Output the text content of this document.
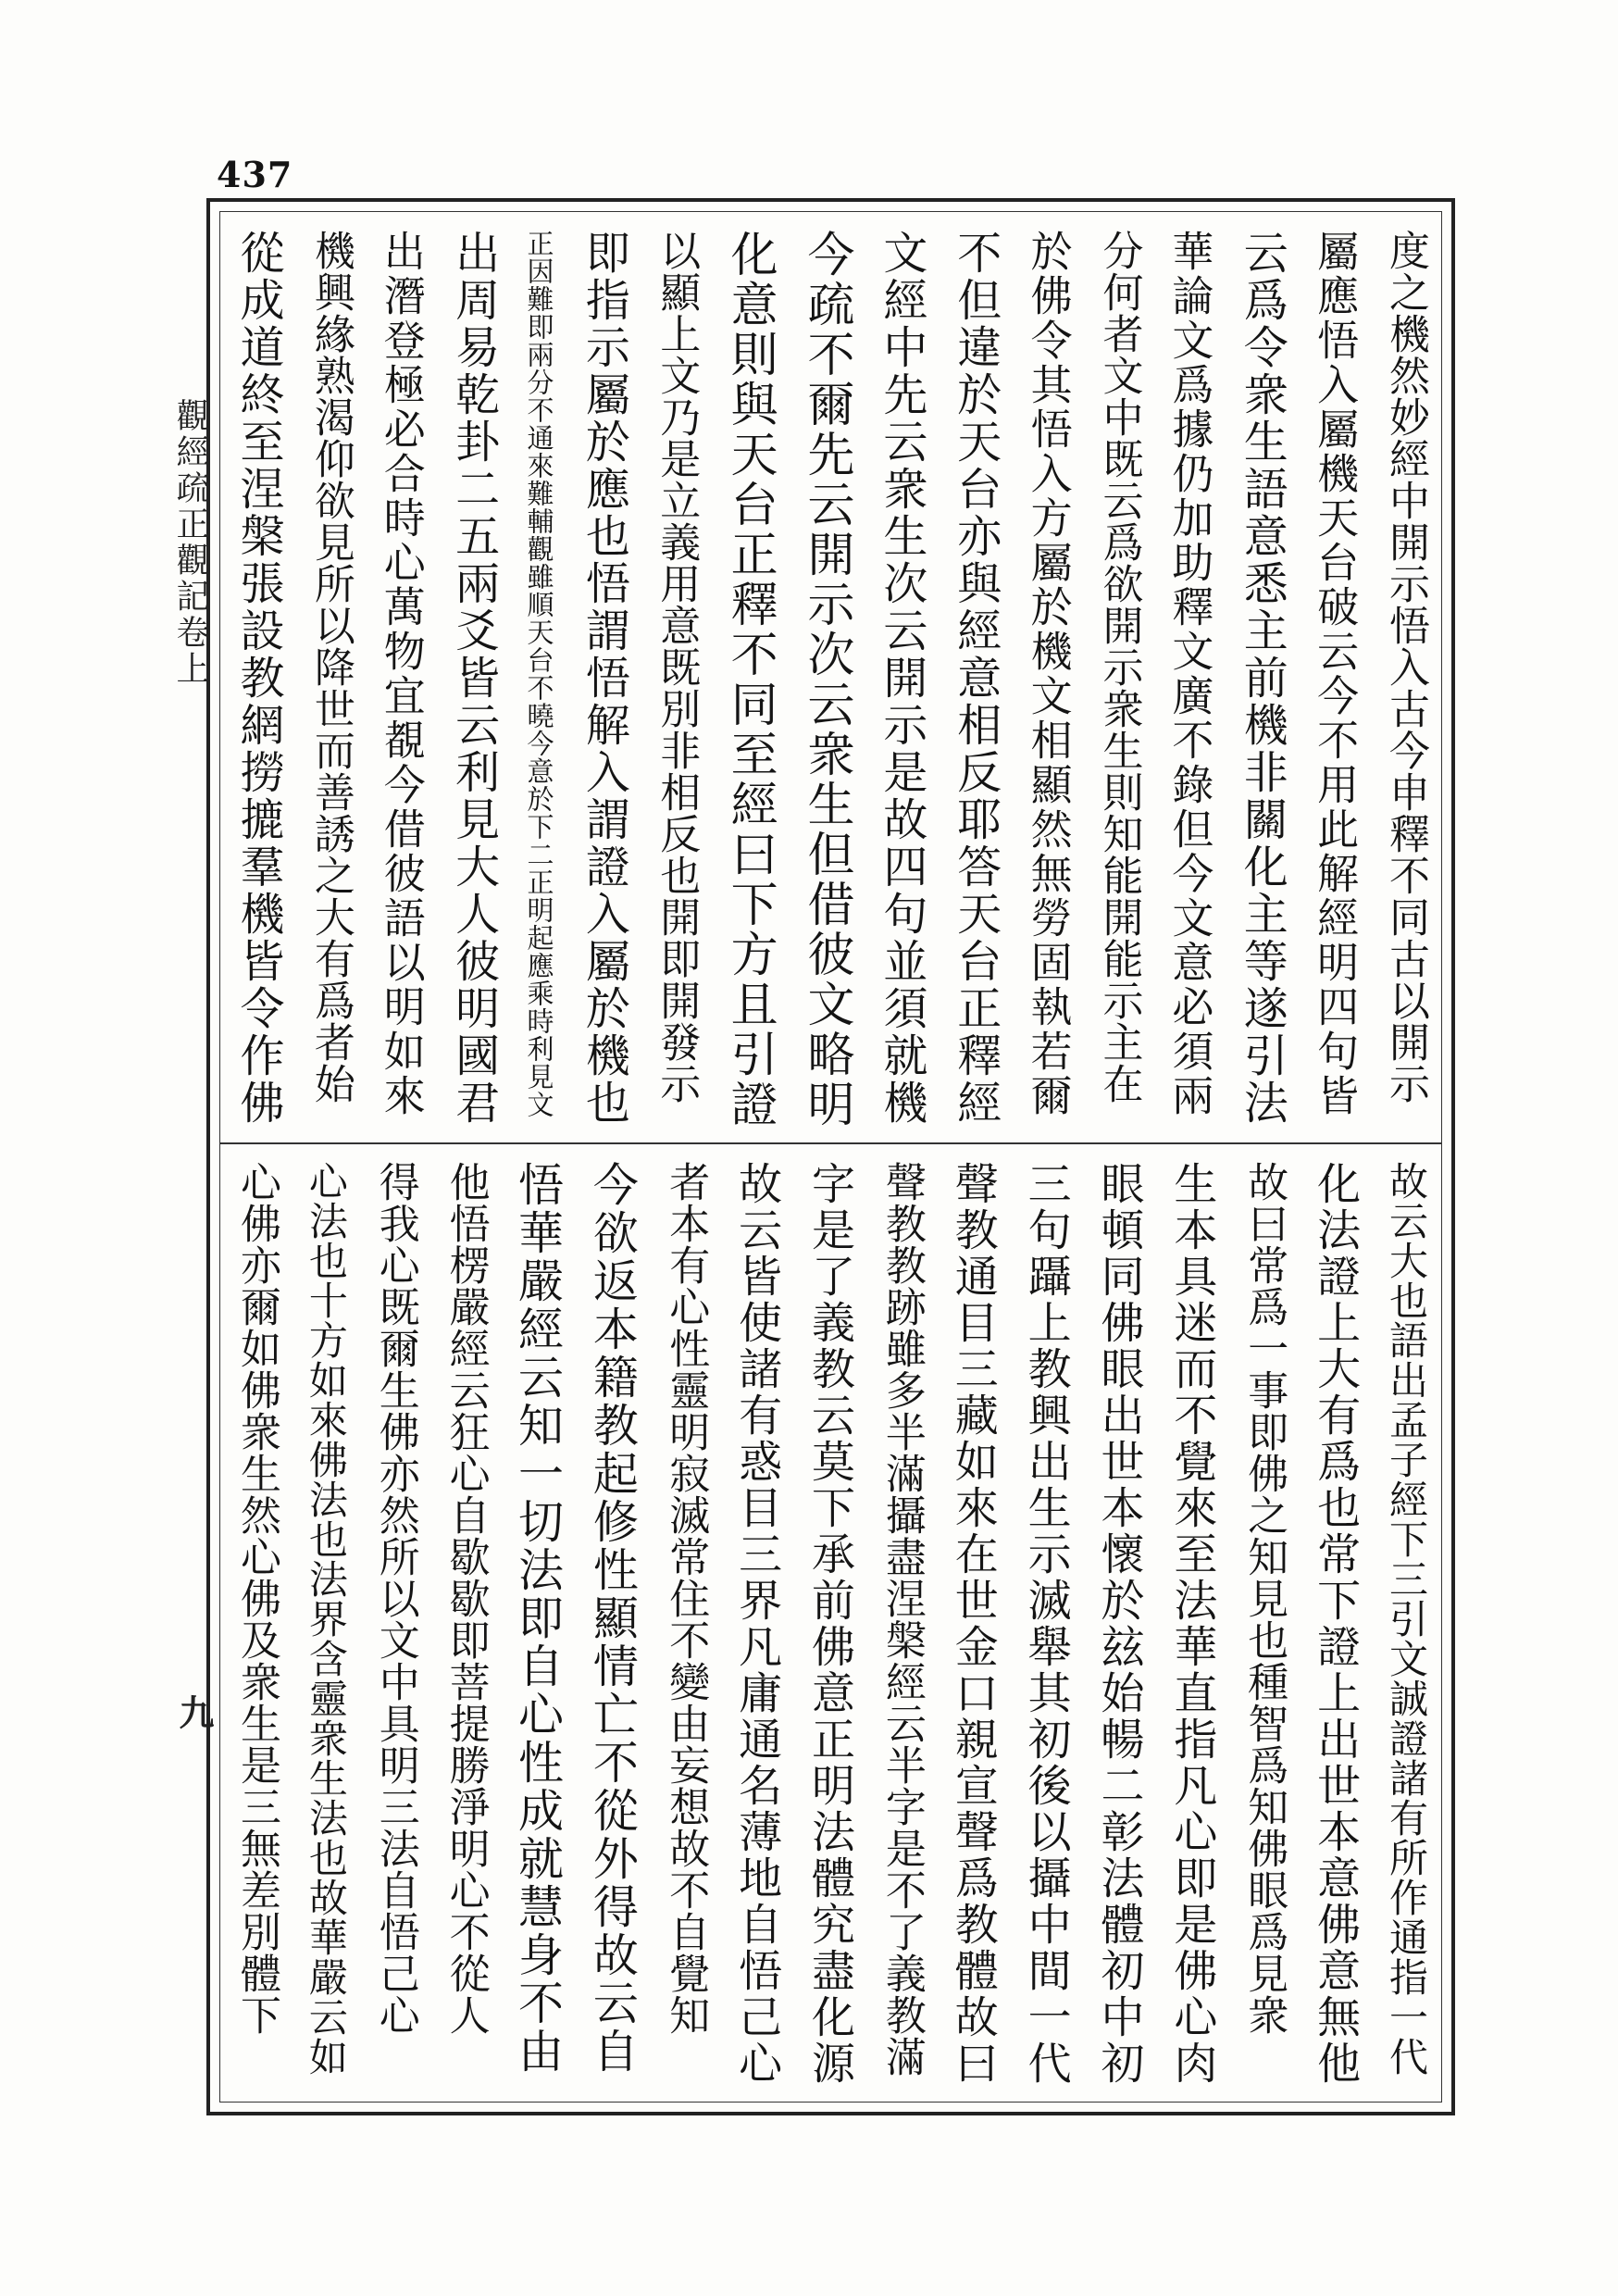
437
觀經疏正觀記卷上
九
度之機然妙經中開示悟入古今申釋不同古以開示
屬應悟入屬機天台破云今不用此解經明四句皆
云爲令衆生語意悉主前機非關化主等遂引法
華論文爲據仍加助釋文廣不錄但今文意必須兩
分何者文中既云爲欲開示衆生則知能開能示主在
於佛令其悟入方屬於機文相顯然無勞固執若爾
不但違於天台亦與經意相反耶答天台正釋經
文經中先云衆生次云開示是故四句並須就機
今疏不爾先云開示次云衆生但借彼文略明
化意則與天台正釋不同至經曰下方且引證
以顯上文乃是立義用意既別非相反也開即開發示
即指示屬於應也悟謂悟解入謂證入屬於機也
正因難即兩分不通來難輔觀雖順天台不曉今意於下二正明起應乘時利見文
出周易乾卦二五兩爻皆云利見大人彼明國君
出潛登極必合時心萬物宜覩今借彼語以明如來
機興緣熟渴仰欲見所以降世而善誘之大有爲者始
從成道終至涅槃張設教網撈摝羣機皆令作佛
故云大也語出孟子經下三引文誠證諸有所作通指一代
化法證上大有爲也常下證上出世本意佛意無他
故曰常爲一事即佛之知見也種智爲知佛眼爲見衆
生本具迷而不覺來至法華直指凡心即是佛心肉
眼頓同佛眼出世本懷於玆始暢二彰法體初中初
三句躡上教興出生示滅舉其初後以攝中間一代
聲教通目三藏如來在世金口親宣聲爲教體故曰
聲教教跡雖多半滿攝盡涅槃經云半字是不了義教滿
字是了義教云莫下承前佛意正明法體究盡化源
故云皆使諸有惑目三界凡庸通名薄地自悟己心
者本有心性靈明寂滅常住不變由妄想故不自覺知
今欲返本籍教起修性顯情亡不從外得故云自
悟華嚴經云知一切法即自心性成就慧身不由
他悟楞嚴經云狂心自歇歇即菩提勝淨明心不從人
得我心既爾生佛亦然所以文中具明三法自悟己心
心法也十方如來佛法也法界含靈衆生法也故華嚴云如
心佛亦爾如佛衆生然心佛及衆生是三無差別體下
